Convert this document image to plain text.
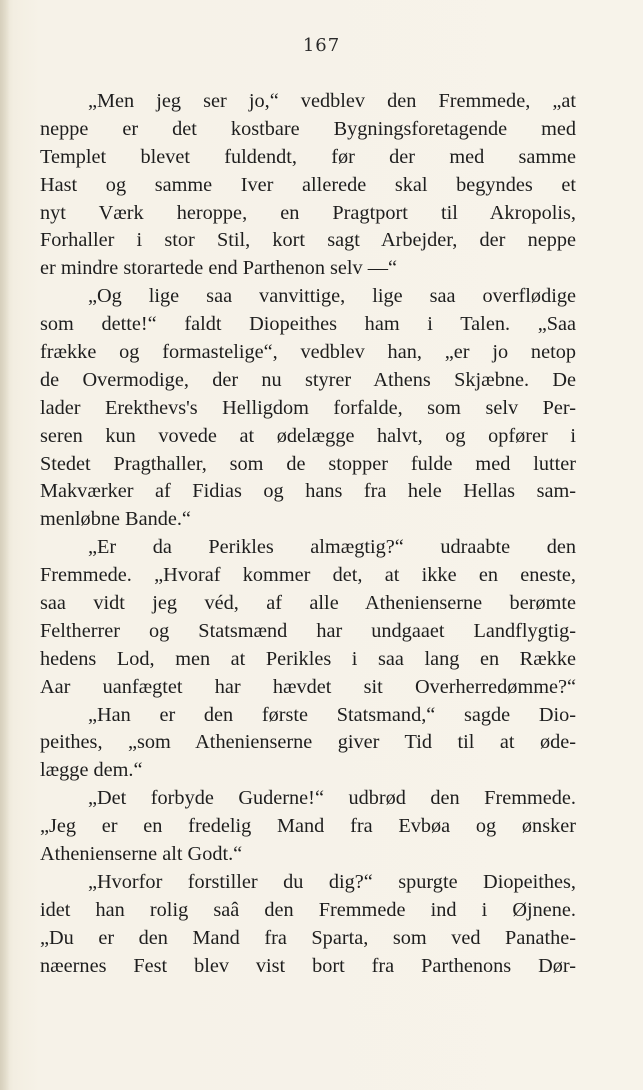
167
„Men jeg ser jo,“ vedblev den Fremmede, „at
neppe er det kostbare Bygningsforetagende med
Templet blevet fuldendt, før der med samme
Hast og samme Iver allerede skal begyndes et
nyt Værk heroppe, en Pragtport til Akropolis,
Forhaller i stor Stil, kort sagt Arbejder, der neppe
er mindre storartede end Parthenon selv —“
„Og lige saa vanvittige, lige saa overflødige
som dette!“ faldt Diopeithes ham i Talen. „Saa
frække og formastelige“, vedblev han, „er jo netop
de Overmodige, der nu styrer Athens Skjæbne. De
lader Erekthevs's Helligdom forfalde, som selv Per-
seren kun vovede at ødelægge halvt, og opfører i
Stedet Pragthaller, som de stopper fulde med lutter
Makværker af Fidias og hans fra hele Hellas sam-
menløbne Bande.“
„Er da Perikles almægtig?“ udraabte den
Fremmede. „Hvoraf kommer det, at ikke en eneste,
saa vidt jeg véd, af alle Athenienserne berømte
Feltherrer og Statsmænd har undgaaet Landflygtig-
hedens Lod, men at Perikles i saa lang en Række
Aar uanfægtet har hævdet sit Overherredømme?“
„Han er den første Statsmand,“ sagde Dio-
peithes, „som Athenienserne giver Tid til at øde-
lægge dem.“
„Det forbyde Guderne!“ udbrød den Fremmede.
„Jeg er en fredelig Mand fra Evbøa og ønsker
Athenienserne alt Godt.“
„Hvorfor forstiller du dig?“ spurgte Diopeithes,
idet han rolig saâ den Fremmede ind i Øjnene.
„Du er den Mand fra Sparta, som ved Panathe-
næernes Fest blev vist bort fra Parthenons Dør-
